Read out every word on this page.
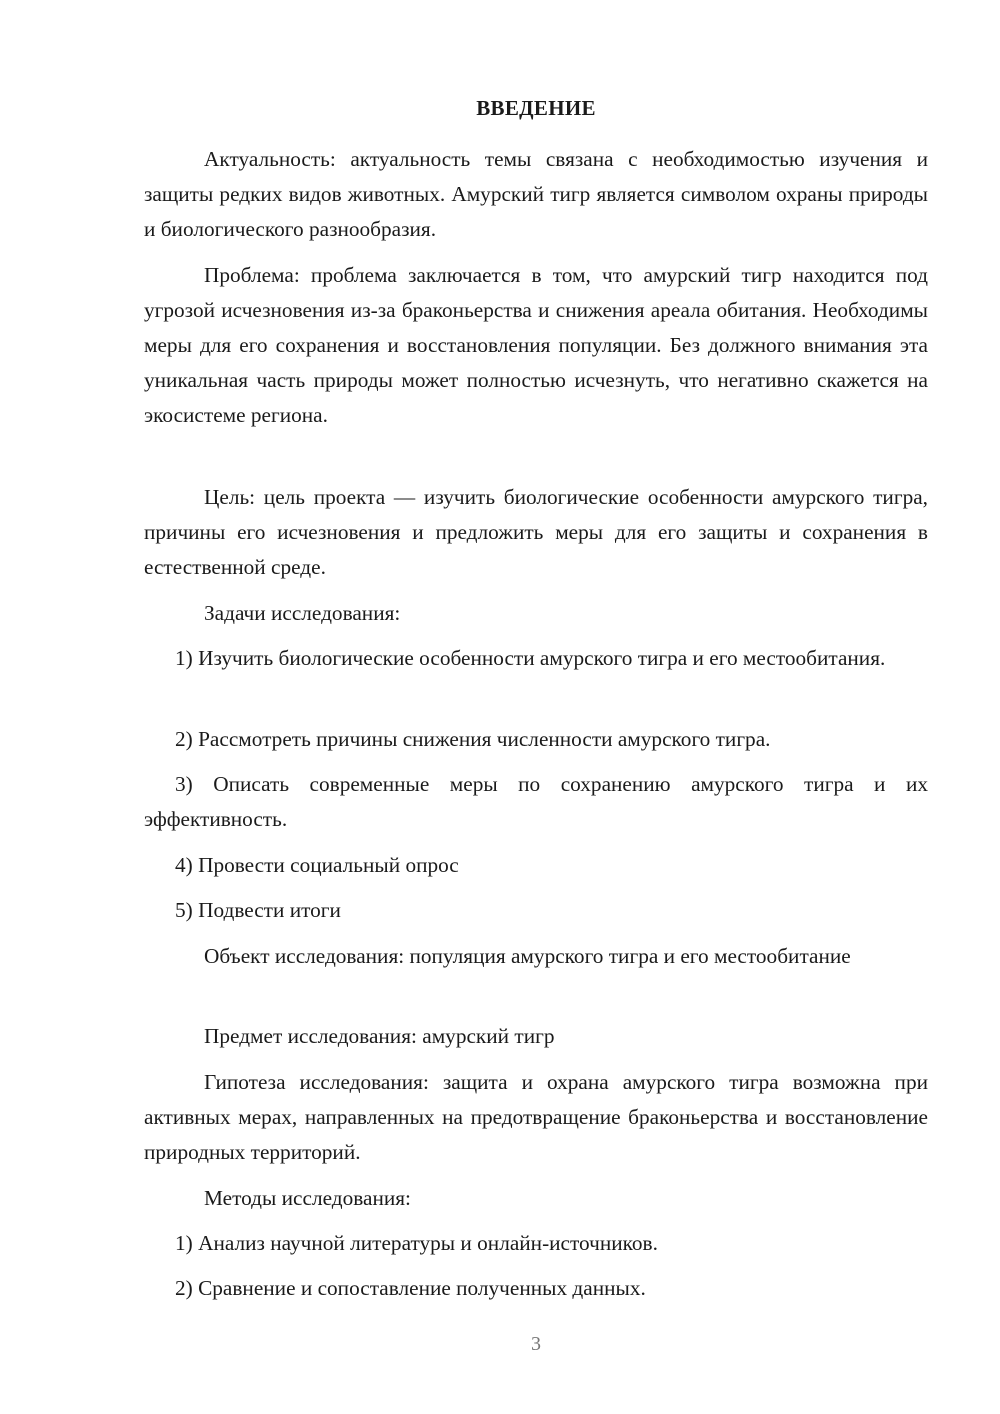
ВВЕДЕНИЕ

Актуальность: актуальность темы связана с необходимостью изучения и защиты редких видов животных. Амурский тигр является символом охраны природы и биологического разнообразия.

Проблема: проблема заключается в том, что амурский тигр находится под угрозой исчезновения из-за браконьерства и снижения ареала обитания. Необходимы меры для его сохранения и восстановления популяции. Без должного внимания эта уникальная часть природы может полностью исчезнуть, что негативно скажется на экосистеме региона.

Цель: цель проекта — изучить биологические особенности амурского тигра, причины его исчезновения и предложить меры для его защиты и сохранения в естественной среде.

Задачи исследования:

1) Изучить биологические особенности амурского тигра и его местообитания.

2) Рассмотреть причины снижения численности амурского тигра.

3) Описать современные меры по сохранению амурского тигра и их эффективность.

4) Провести социальный опрос

5) Подвести итоги

Объект исследования: популяция амурского тигра и его местообитание

Предмет исследования: амурский тигр

Гипотеза исследования: защита и охрана амурского тигра возможна при активных мерах, направленных на предотвращение браконьерства и восстановление природных территорий.

Методы исследования:

1) Анализ научной литературы и онлайн-источников.

2) Сравнение и сопоставление полученных данных.

3
